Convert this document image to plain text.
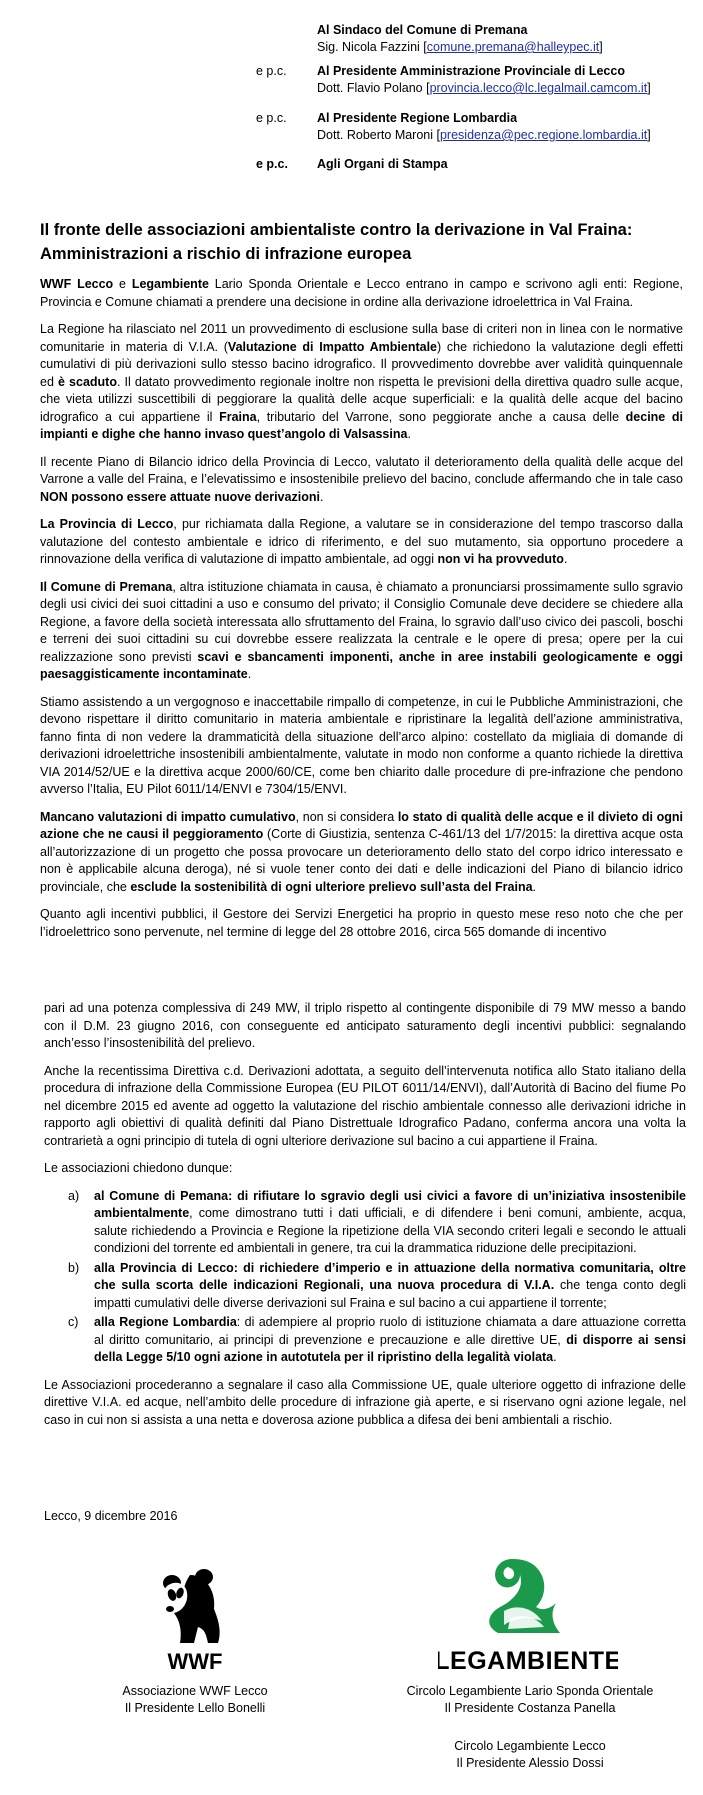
Al Sindaco del Comune di Premana
Sig. Nicola Fazzini [comune.premana@halleypec.it]
e p.c. Al Presidente Amministrazione Provinciale di Lecco
Dott. Flavio Polano [provincia.lecco@lc.legalmail.camcom.it]
e p.c. Al Presidente Regione Lombardia
Dott. Roberto Maroni [presidenza@pec.regione.lombardia.it]
e p.c. Agli Organi di Stampa
Il fronte delle associazioni ambientaliste contro la derivazione in Val Fraina:
Amministrazioni a rischio di infrazione europea

WWF Lecco e Legambiente Lario Sponda Orientale e Lecco entrano in campo e scrivono agli enti: Regione, Provincia e Comune chiamati a prendere una decisione in ordine alla derivazione idroelettrica in Val Fraina.

La Regione ha rilasciato nel 2011 un provvedimento di esclusione sulla base di criteri non in linea con le normative comunitarie in materia di V.I.A. (Valutazione di Impatto Ambientale) che richiedono la valutazione degli effetti cumulativi di più derivazioni sullo stesso bacino idrografico. Il provvedimento dovrebbe aver validità quinquennale ed è scaduto. Il datato provvedimento regionale inoltre non rispetta le previsioni della direttiva quadro sulle acque, che vieta utilizzi suscettibili di peggiorare la qualità delle acque superficiali: e la qualità delle acque del bacino idrografico a cui appartiene il Fraina, tributario del Varrone, sono peggiorate anche a causa delle decine di impianti e dighe che hanno invaso quest’angolo di Valsassina.

Il recente Piano di Bilancio idrico della Provincia di Lecco, valutato il deterioramento della qualità delle acque del Varrone a valle del Fraina, e l’elevatissimo e insostenibile prelievo del bacino, conclude affermando che in tale caso NON possono essere attuate nuove derivazioni.

La Provincia di Lecco, pur richiamata dalla Regione, a valutare se in considerazione del tempo trascorso dalla valutazione del contesto ambientale e idrico di riferimento, e del suo mutamento, sia opportuno procedere a rinnovazione della verifica di valutazione di impatto ambientale, ad oggi non vi ha provveduto.

Il Comune di Premana, altra istituzione chiamata in causa, è chiamato a pronunciarsi prossimamente sullo sgravio degli usi civici dei suoi cittadini a uso e consumo del privato; il Consiglio Comunale deve decidere se chiedere alla Regione, a favore della società interessata allo sfruttamento del Fraina, lo sgravio dall’uso civico dei pascoli, boschi e terreni dei suoi cittadini su cui dovrebbe essere realizzata la centrale e le opere di presa; opere per la cui realizzazione sono previsti scavi e sbancamenti imponenti, anche in aree instabili geologicamente e oggi paesaggisticamente incontaminate.

Stiamo assistendo a un vergognoso e inaccettabile rimpallo di competenze, in cui le Pubbliche Amministrazioni, che devono rispettare il diritto comunitario in materia ambientale e ripristinare la legalità dell’azione amministrativa, fanno finta di non vedere la drammaticità della situazione dell’arco alpino: costellato da migliaia di domande di derivazioni idroelettriche insostenibili ambientalmente, valutate in modo non conforme a quanto richiede la direttiva VIA 2014/52/UE e la direttiva acque 2000/60/CE, come ben chiarito dalle procedure di pre-infrazione che pendono avverso l’Italia, EU Pilot 6011/14/ENVI e 7304/15/ENVI.

Mancano valutazioni di impatto cumulativo, non si considera lo stato di qualità delle acque e il divieto di ogni azione che ne causi il peggioramento (Corte di Giustizia, sentenza C-461/13 del 1/7/2015: la direttiva acque osta all’autorizzazione di un progetto che possa provocare un deterioramento dello stato del corpo idrico interessato e non è applicabile alcuna deroga), né si vuole tener conto dei dati e delle indicazioni del Piano di bilancio idrico provinciale, che esclude la sostenibilità di ogni ulteriore prelievo sull’asta del Fraina.

Quanto agli incentivi pubblici, il Gestore dei Servizi Energetici ha proprio in questo mese reso noto che che per l’idroelettrico sono pervenute, nel termine di legge del 28 ottobre 2016, circa 565 domande di incentivo

pari ad una potenza complessiva di 249 MW, il triplo rispetto al contingente disponibile di 79 MW messo a bando con il D.M. 23 giugno 2016, con conseguente ed anticipato saturamento degli incentivi pubblici: segnalando anch’esso l’insostenibilità del prelievo.

Anche la recentissima Direttiva c.d. Derivazioni adottata, a seguito dell’intervenuta notifica allo Stato italiano della procedura di infrazione della Commissione Europea (EU PILOT 6011/14/ENVI), dall’Autorità di Bacino del fiume Po nel dicembre 2015 ed avente ad oggetto la valutazione del rischio ambientale connesso alle derivazioni idriche in rapporto agli obiettivi di qualità definiti dal Piano Distrettuale Idrografico Padano, conferma ancora una volta la contrarietà a ogni principio di tutela di ogni ulteriore derivazione sul bacino a cui appartiene il Fraina.

Le associazioni chiedono dunque:

a) al Comune di Pemana: di rifiutare lo sgravio degli usi civici a favore di un’iniziativa insostenibile ambientalmente, come dimostrano tutti i dati ufficiali, e di difendere i beni comuni, ambiente, acqua, salute richiedendo a Provincia e Regione la ripetizione della VIA secondo criteri legali e secondo le attuali condizioni del torrente ed ambientali in genere, tra cui la drammatica riduzione delle precipitazioni.
b) alla Provincia di Lecco: di richiedere d’imperio e in attuazione della normativa comunitaria, oltre che sulla scorta delle indicazioni Regionali, una nuova procedura di V.I.A. che tenga conto degli impatti cumulativi delle diverse derivazioni sul Fraina e sul bacino a cui appartiene il torrente;
c) alla Regione Lombardia: di adempiere al proprio ruolo di istituzione chiamata a dare attuazione corretta al diritto comunitario, ai principi di prevenzione e precauzione e alle direttive UE, di disporre ai sensi della Legge 5/10 ogni azione in autotutela per il ripristino della legalità violata.

Le Associazioni procederanno a segnalare il caso alla Commissione UE, quale ulteriore oggetto di infrazione delle direttive V.I.A. ed acque, nell’ambito delle procedure di infrazione già aperte, e si riservano ogni azione legale, nel caso in cui non si assista a una netta e doverosa azione pubblica a difesa dei beni ambientali a rischio.

Lecco, 9 dicembre 2016
WWF	LEGAMBIENTE
Associazione WWF Lecco
Il Presidente Lello Bonelli
Circolo Legambiente Lario Sponda Orientale
Il Presidente Costanza Panella
Circolo Legambiente Lecco
Il Presidente Alessio Dossi
